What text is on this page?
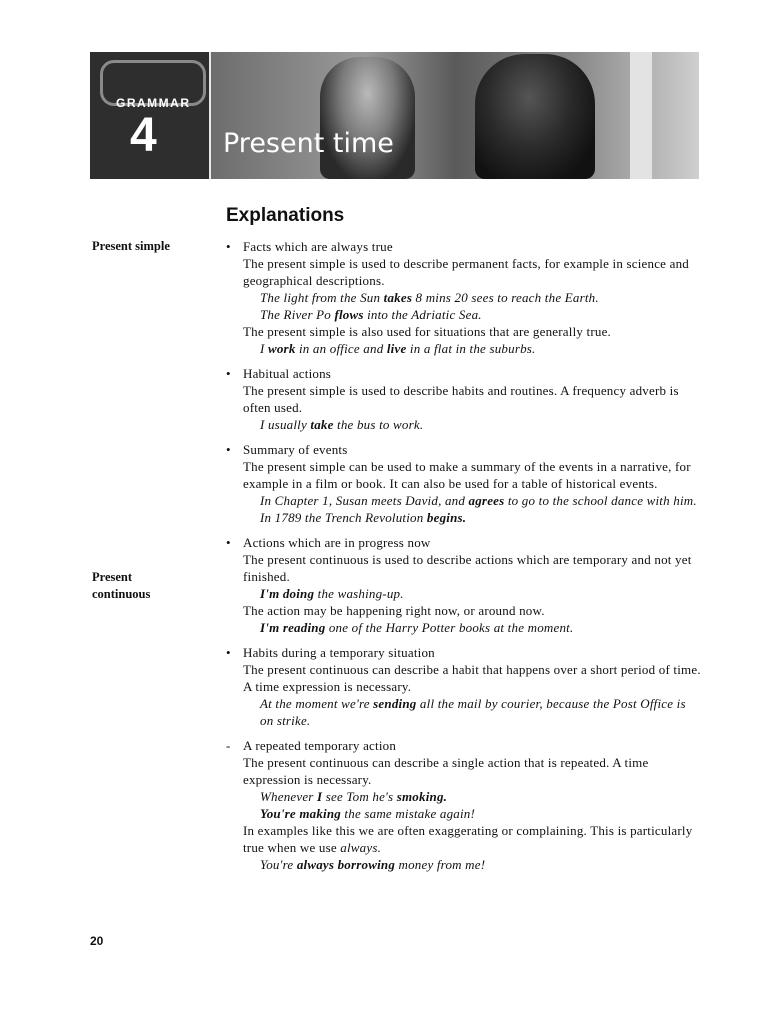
GRAMMAR
4 Present time
Explanations
Present simple
Present
continuous
• Facts which are always true

The present simple is used to describe permanent facts, for example in science and geographical descriptions.

The light from the Sun takes 8 mins 20 sees to reach the Earth.

The River Po flows into the Adriatic Sea.

The present simple is also used for situations that are generally true.

I work in an office and live in a flat in the suburbs.

• Habitual actions

The present simple is used to describe habits and routines. A frequency adverb is often used.

I usually take the bus to work.

• Summary of events

The present simple can be used to make a summary of the events in a narrative, for example in a film or book. It can also be used for a table of historical events.

In Chapter 1, Susan meets David, and agrees to go to the school dance with him.

In 1789 the Trench Revolution begins.

• Actions which are in progress now

The present continuous is used to describe actions which are temporary and not yet finished.

I'm doing the washing-up.

The action may be happening right now, or around now.

I'm reading one of the Harry Potter books at the moment.

• Habits during a temporary situation

The present continuous can describe a habit that happens over a short period of time. A time expression is necessary.

At the moment we're sending all the mail by courier, because the Post Office is on strike.

- A repeated temporary action

The present continuous can describe a single action that is repeated. A time expression is necessary.

Whenever I see Tom he's smoking.

You're making the same mistake again!

In examples like this we are often exaggerating or complaining. This is particularly true when we use always.

You're always borrowing money from me!

20
